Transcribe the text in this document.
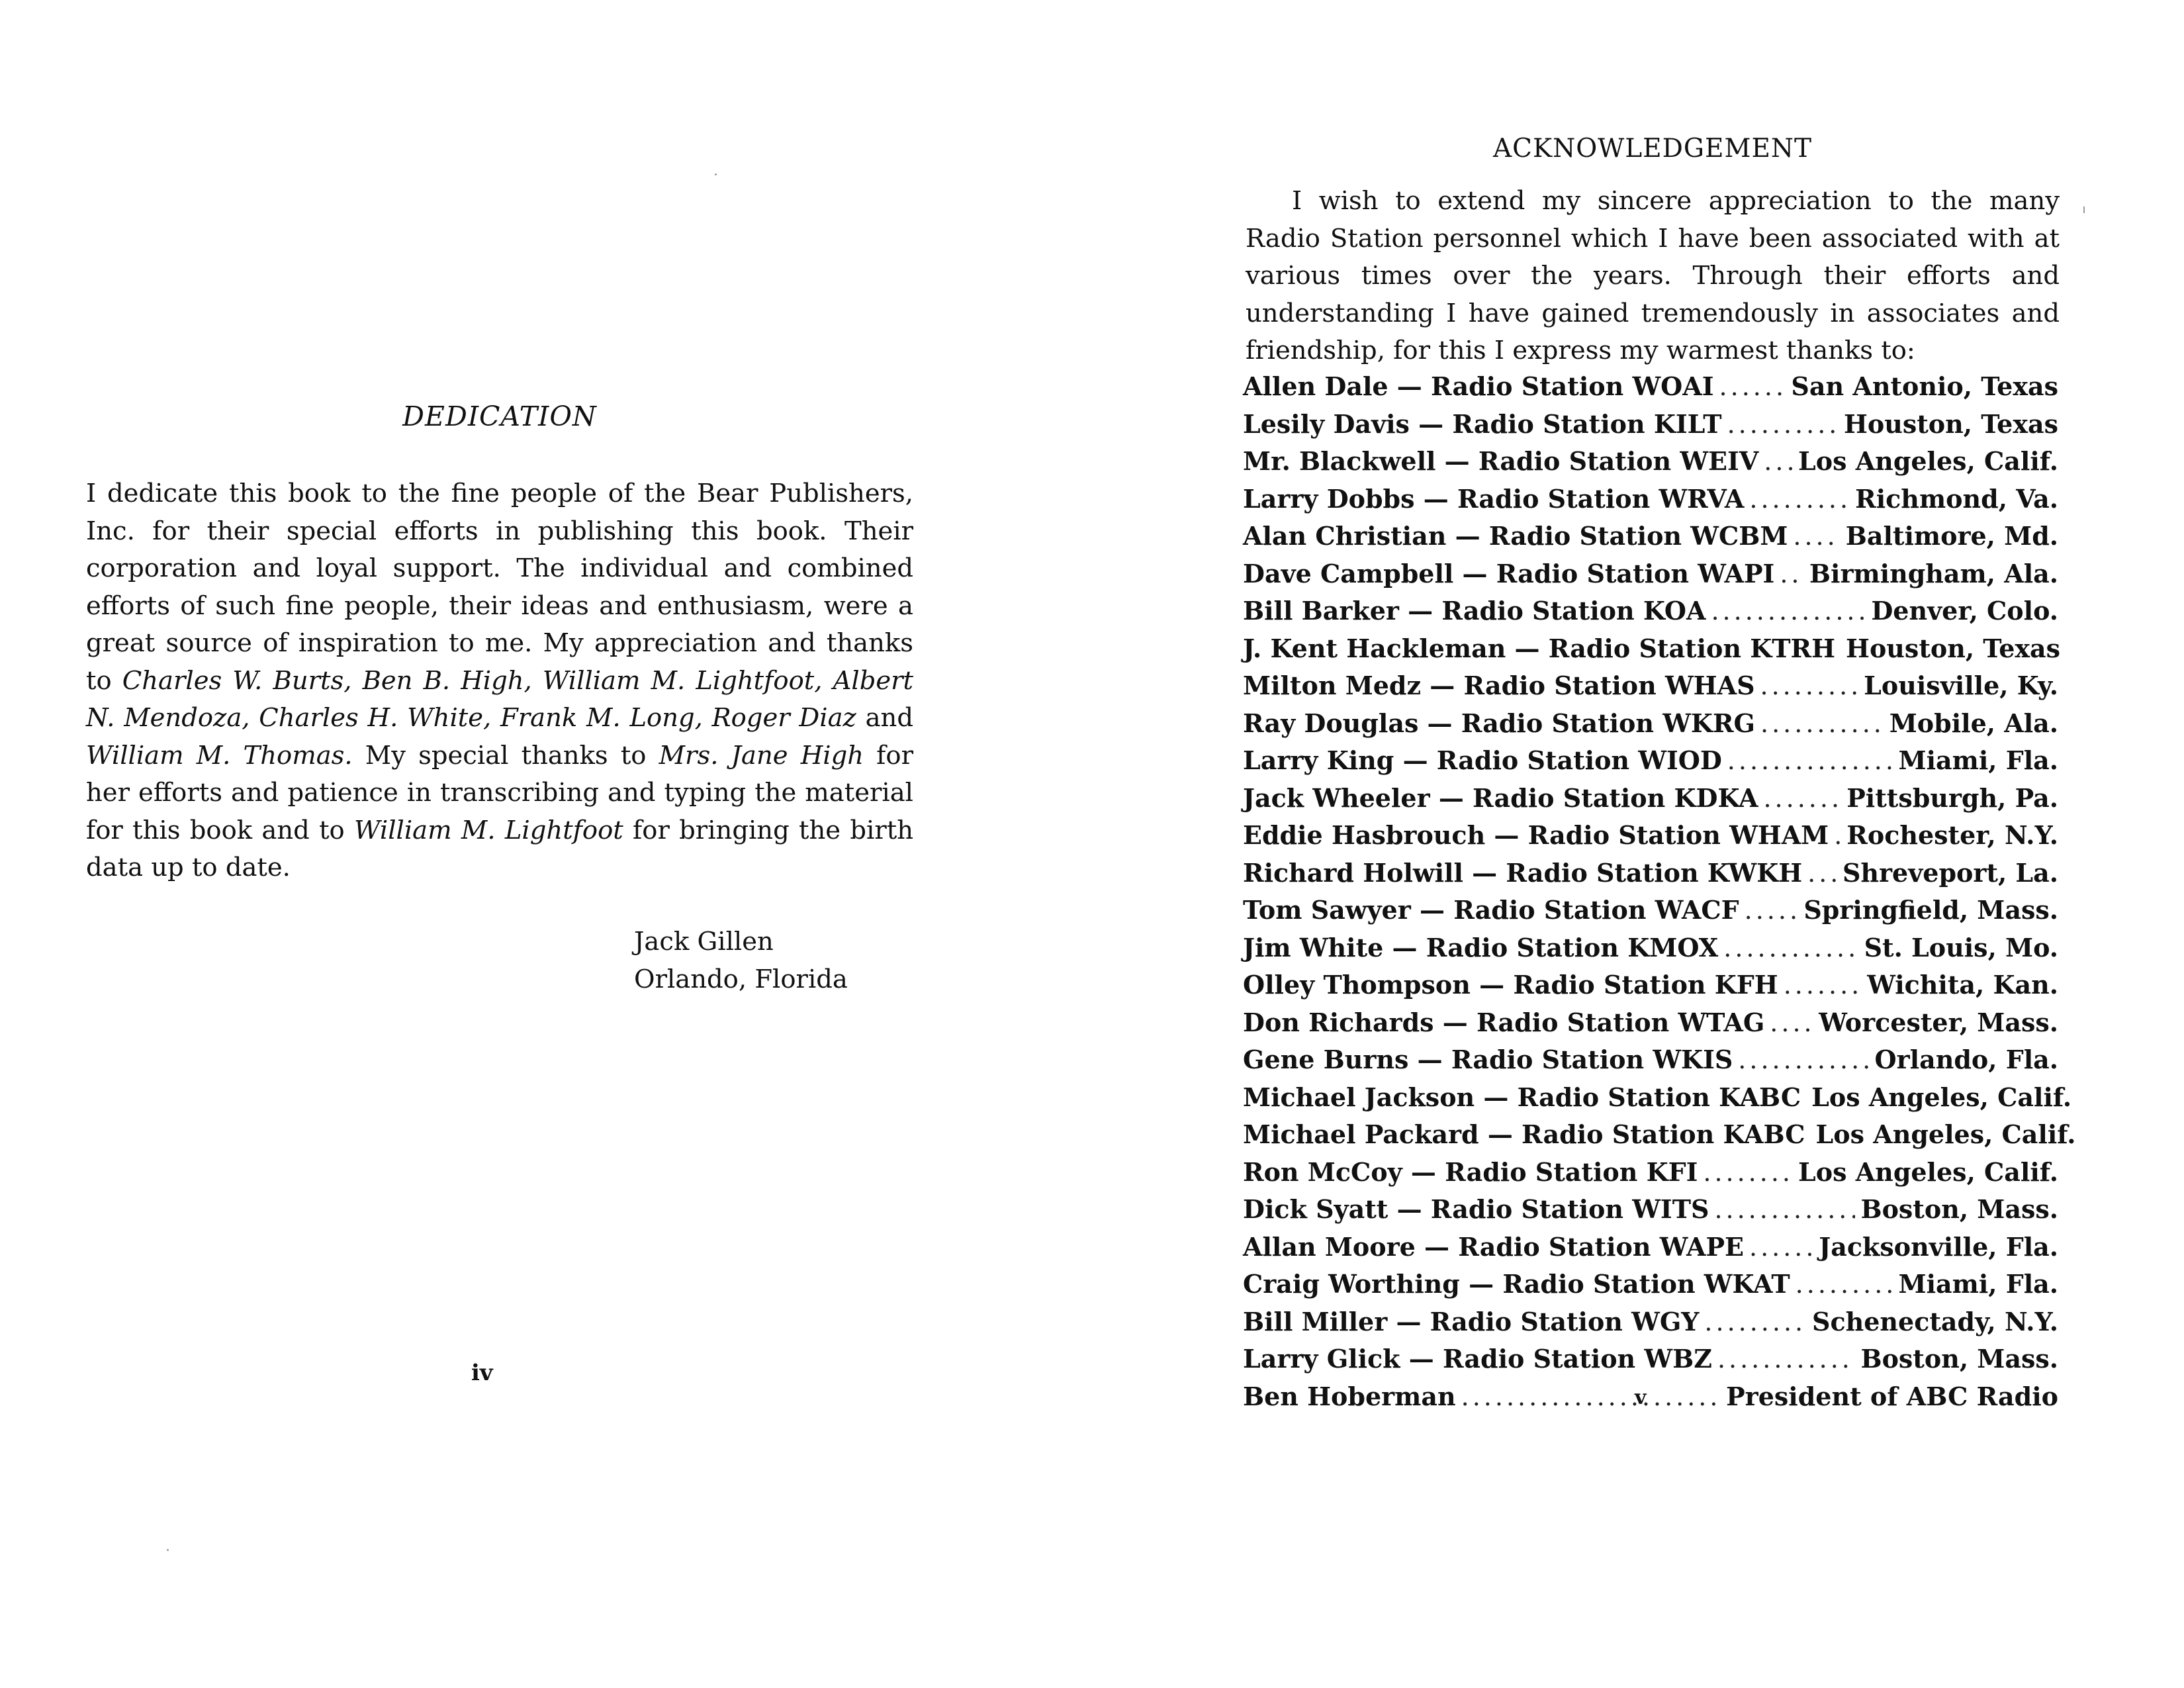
DEDICATION

I dedicate this book to the fine people of the Bear Publishers, Inc. for their special efforts in publishing this book. Their corporation and loyal support. The individual and combined efforts of such fine people, their ideas and enthusiasm, were a great source of inspiration to me. My appreciation and thanks to Charles W. Burts, Ben B. High, William M. Lightfoot, Albert N. Mendoza, Charles H. White, Frank M. Long, Roger Diaz and William M. Thomas. My special thanks to Mrs. Jane High for her efforts and patience in transcribing and typing the material for this book and to William M. Lightfoot for bringing the birth data up to date.

Jack Gillen
Orlando, Florida
iv
ACKNOWLEDGEMENT

I wish to extend my sincere appreciation to the many Radio Station personnel which I have been associated with at various times over the years. Through their efforts and understanding I have gained tremendously in associates and friendship, for this I express my warmest thanks to:

Allen Dale — Radio Station WOAI .....	San Antonio, Texas
Lesily Davis — Radio Station KILT .....	Houston, Texas
Mr. Blackwell — Radio Station WEIV ..... Los Angeles, Calif.
Larry Dobbs — Radio Station WRVA .....	Richmond, Va.
Alan Christian — Radio Station WCBM ..... Baltimore, Md.
Dave Campbell — Radio Station WAPI ..... Birmingham, Ala.
Bill Barker — Radio Station KOA .....	Denver, Colo.
J. Kent Hackleman — Radio Station KTRH Houston, Texas
Milton Medz — Radio Station WHAS .....	Louisville, Ky.
Ray Douglas — Radio Station WKRG .....	Mobile, Ala.
Larry King — Radio Station WIOD .....	Miami, Fla.
Jack Wheeler — Radio Station KDKA .....	Pittsburgh, Pa.
Eddie Hasbrouch — Radio Station WHAM ..... Rochester, N.Y.
Richard Holwill — Radio Station KWKH ..... Shreveport, La.
Tom Sawyer — Radio Station WACF .....	Springfield, Mass.
Jim White — Radio Station KMOX .....	St. Louis, Mo.
Olley Thompson — Radio Station KFH .....	Wichita, Kan.
Don Richards — Radio Station WTAG ..... Worcester, Mass.
Gene Burns — Radio Station WKIS .....	Orlando, Fla.
Michael Jackson — Radio Station KABC Los Angeles, Calif.
Michael Packard — Radio Station KABC Los Angeles, Calif.
Ron McCoy — Radio Station KFI .....	Los Angeles, Calif.
Dick Syatt — Radio Station WITS .....	Boston, Mass.
Allan Moore — Radio Station WAPE .....	Jacksonville, Fla.
Craig Worthing — Radio Station WKAT .....	Miami, Fla.
Bill Miller — Radio Station WGY .....	Schenectady, N.Y.
Larry Glick — Radio Station WBZ .....	Boston, Mass.
Ben Hoberman .....	President of ABC Radio
v
